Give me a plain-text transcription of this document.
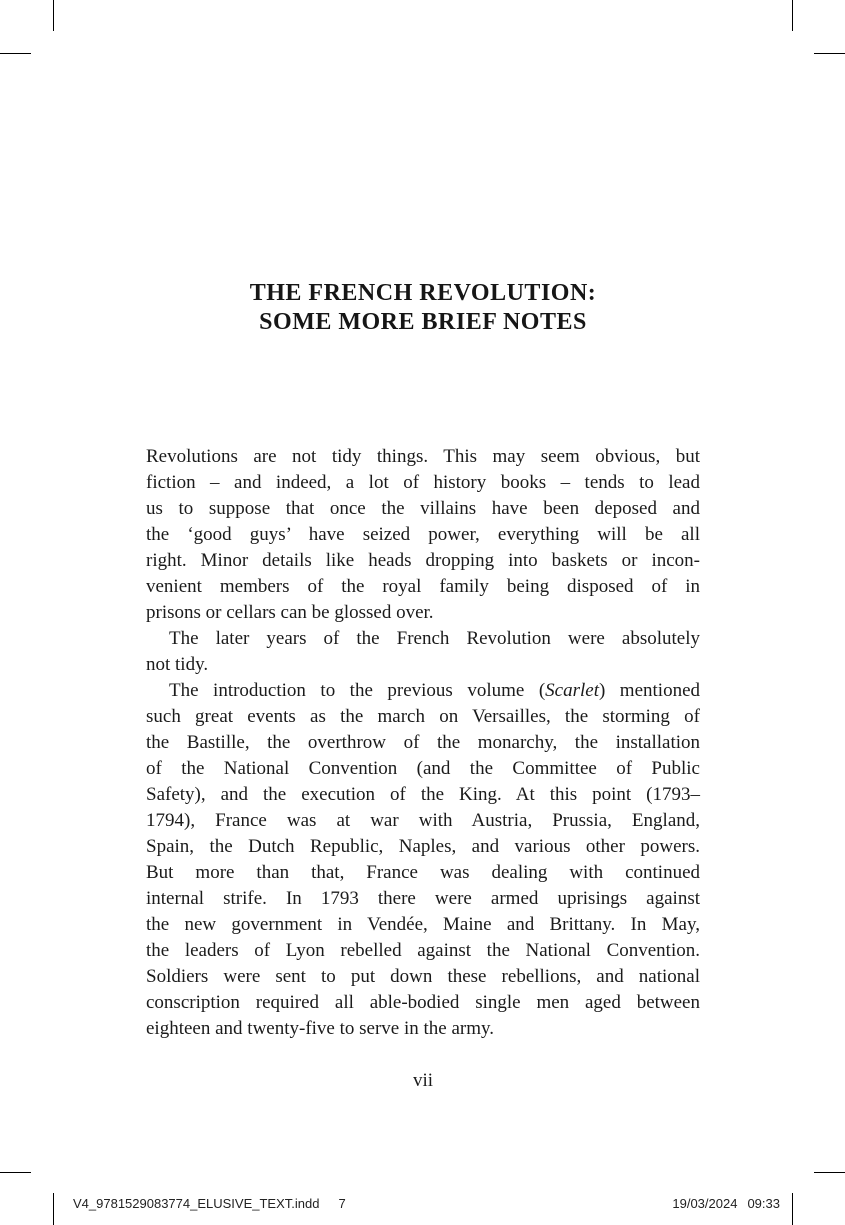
THE FRENCH REVOLUTION:
SOME MORE BRIEF NOTES
Revolutions are not tidy things. This may seem obvious, but
fiction – and indeed, a lot of history books – tends to lead
us to suppose that once the villains have been deposed and
the ‘good guys’ have seized power, everything will be all
right. Minor details like heads dropping into baskets or incon-
venient members of the royal family being disposed of in
prisons or cellars can be glossed over.
The later years of the French Revolution were absolutely
not tidy.
The introduction to the previous volume (Scarlet) mentioned
such great events as the march on Versailles, the storming of
the Bastille, the overthrow of the monarchy, the installation
of the National Convention (and the Committee of Public
Safety), and the execution of the King. At this point (1793–
1794), France was at war with Austria, Prussia, England,
Spain, the Dutch Republic, Naples, and various other powers.
But more than that, France was dealing with continued
internal strife. In 1793 there were armed uprisings against
the new government in Vendée, Maine and Brittany. In May,
the leaders of Lyon rebelled against the National Convention.
Soldiers were sent to put down these rebellions, and national
conscription required all able-bodied single men aged between
eighteen and twenty-five to serve in the army.
vii
V4_9781529083774_ELUSIVE_TEXT.indd 7	19/03/2024 09:33
